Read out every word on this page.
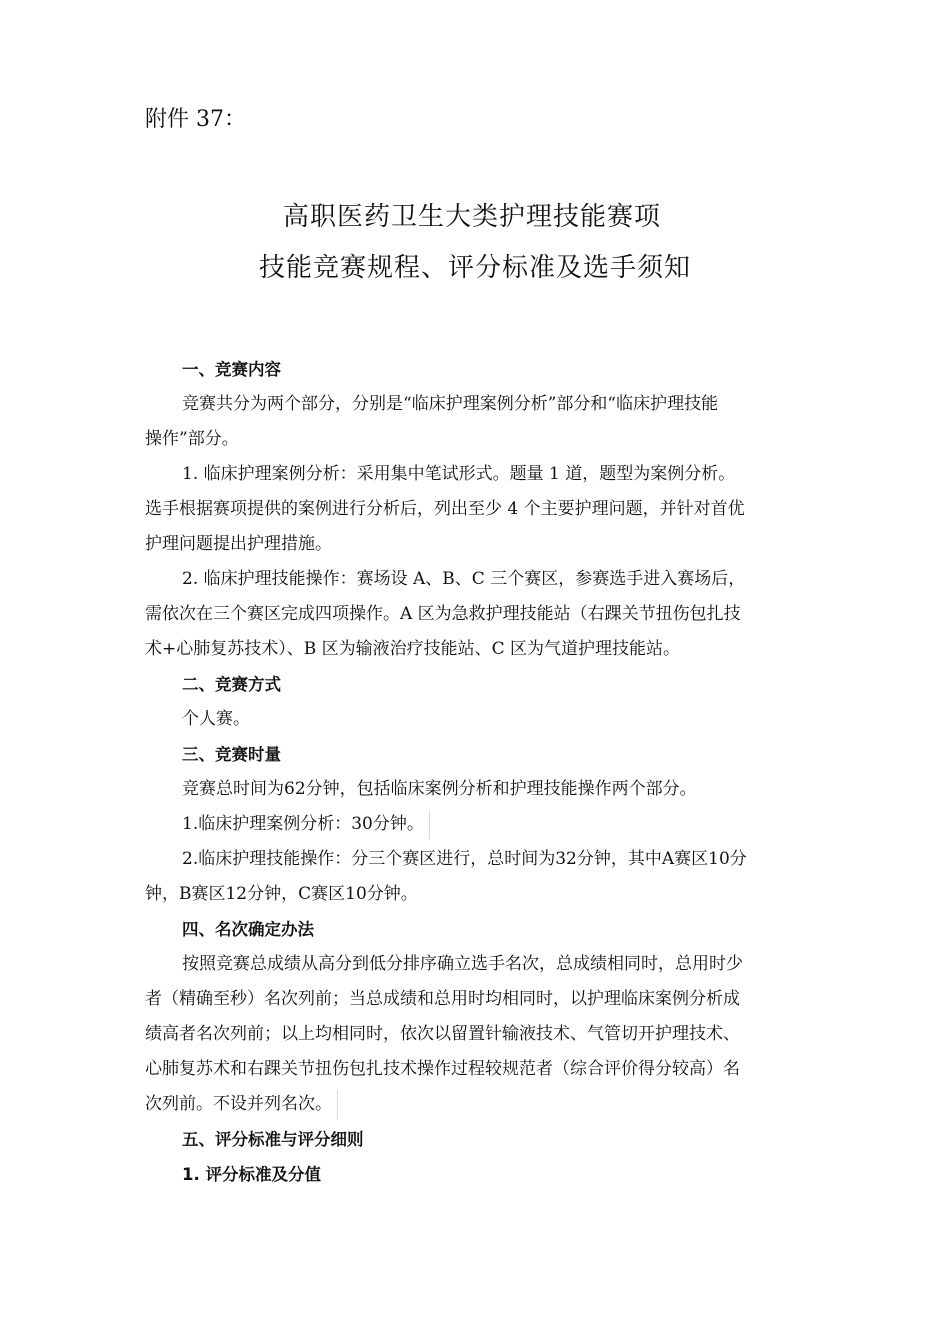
附件 37：
高职医药卫生大类护理技能赛项
技能竞赛规程、评分标准及选手须知
一、竞赛内容
竞赛共分为两个部分，分别是“临床护理案例分析”部分和“临床护理技能
操作”部分。
1. 临床护理案例分析：采用集中笔试形式。题量 1 道，题型为案例分析。
选手根据赛项提供的案例进行分析后，列出至少 4 个主要护理问题，并针对首优
护理问题提出护理措施。
2. 临床护理技能操作：赛场设 A、B、C 三个赛区，参赛选手进入赛场后，
需依次在三个赛区完成四项操作。A 区为急救护理技能站（右踝关节扭伤包扎技
术+心肺复苏技术）、B 区为输液治疗技能站、C 区为气道护理技能站。
二、竞赛方式
个人赛。
三、竞赛时量
竞赛总时间为62分钟，包括临床案例分析和护理技能操作两个部分。
1.临床护理案例分析：30分钟。
2.临床护理技能操作：分三个赛区进行，总时间为32分钟，其中A赛区10分
钟，B赛区12分钟，C赛区10分钟。
四、名次确定办法
按照竞赛总成绩从高分到低分排序确立选手名次，总成绩相同时，总用时少
者（精确至秒）名次列前；当总成绩和总用时均相同时，以护理临床案例分析成
绩高者名次列前；以上均相同时，依次以留置针输液技术、气管切开护理技术、
心肺复苏术和右踝关节扭伤包扎技术操作过程较规范者（综合评价得分较高）名
次列前。不设并列名次。
五、评分标准与评分细则
1. 评分标准及分值
